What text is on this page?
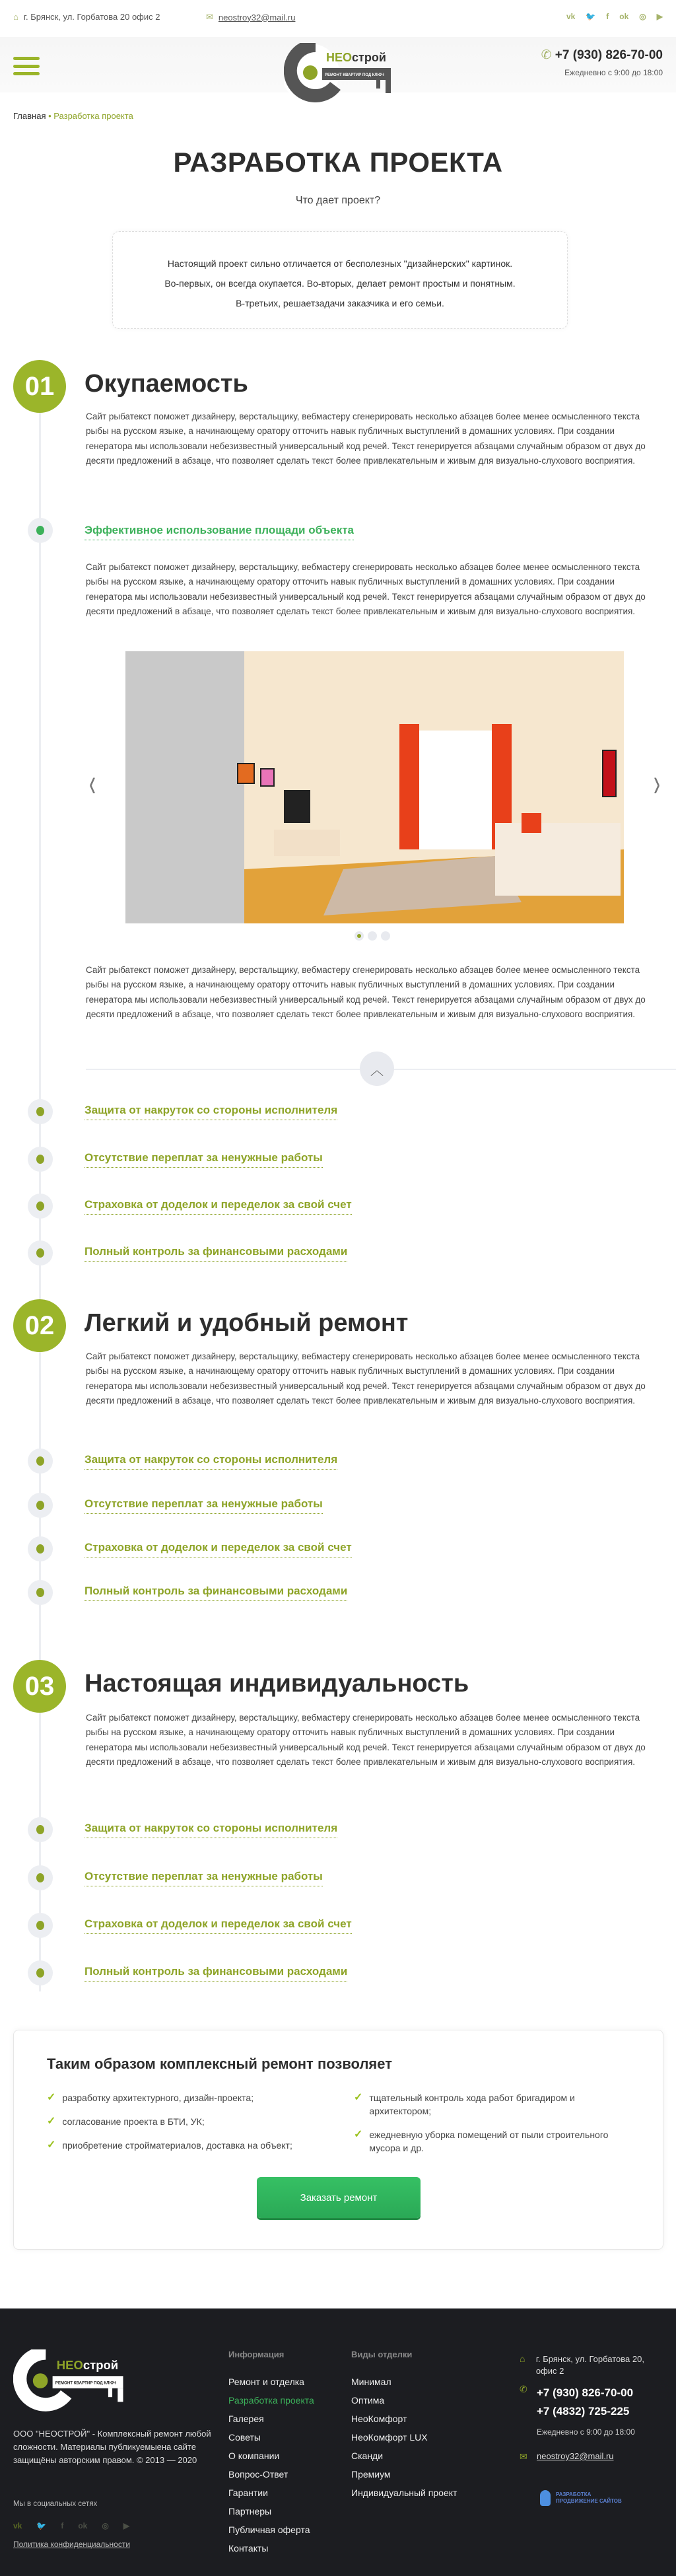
⌂ г. Брянск, ул. Горбатова 20 офис 2	✉ neostroy32@mail.ru	vk 🐦 f ok ◎ ▶
НЕОстрой
РЕМОНТ КВАРТИР ПОД КЛЮЧ
✆ +7 (930) 826-70-00
Ежедневно с 9:00 до 18:00
Главная • Разработка проекта
РАЗРАБОТКА ПРОЕКТА
Что дает проект?
Настоящий проект сильно отличается от бесполезных "дизайнерских" картинок.
Во-первых, он всегда окупается. Во-вторых, делает ремонт простым и понятным.
В-третьих, решаетзадачи заказчика и его семьи.
01	Окупаемость

Сайт рыбатекст поможет дизайнеру, верстальщику, вебмастеру сгенерировать несколько абзацев более менее осмысленного текста рыбы на русском языке, а начинающему оратору отточить навык публичных выступлений в домашних условиях. При создании генератора мы использовали небезизвестный универсальный код речей. Текст генерируется абзацами случайным образом от двух до десяти предложений в абзаце, что позволяет сделать текст более привлекательным и живым для визуально-слухового восприятия.

Защита от накруток со стороны исполнителя
Отсутствие переплат за ненужные работы
Страховка от доделок и переделок за свой счет
Полный контроль за финансовыми расходами
02	Легкий и удобный ремонт

Сайт рыбатекст поможет дизайнеру, верстальщику, вебмастеру сгенерировать несколько абзацев более менее осмысленного текста рыбы на русском языке, а начинающему оратору отточить навык публичных выступлений в домашних условиях. При создании генератора мы использовали небезизвестный универсальный код речей. Текст генерируется абзацами случайным образом от двух до десяти предложений в абзаце, что позволяет сделать текст более привлекательным и живым для визуально-слухового восприятия.

Защита от накруток со стороны исполнителя
Отсутствие переплат за ненужные работы
Страховка от доделок и переделок за свой счет
Полный контроль за финансовыми расходами
03	Настоящая индивидуальность

Сайт рыбатекст поможет дизайнеру, верстальщику, вебмастеру сгенерировать несколько абзацев более менее осмысленного текста рыбы на русском языке, а начинающему оратору отточить навык публичных выступлений в домашних условиях. При создании генератора мы использовали небезизвестный универсальный код речей. Текст генерируется абзацами случайным образом от двух до десяти предложений в абзаце, что позволяет сделать текст более привлекательным и живым для визуально-слухового восприятия.

Защита от накруток со стороны исполнителя
Отсутствие переплат за ненужные работы
Страховка от доделок и переделок за свой счет
Полный контроль за финансовыми расходами
Эффективное использование площади объекта

Сайт рыбатекст поможет дизайнеру, верстальщику, вебмастеру сгенерировать несколько абзацев более менее осмысленного текста рыбы на русском языке, а начинающему оратору отточить навык публичных выступлений в домашних условиях. При создании генератора мы использовали небезизвестный универсальный код речей. Текст генерируется абзацами случайным образом от двух до десяти предложений в абзаце, что позволяет сделать текст более привлекательным и живым для визуально-слухового восприятия.

Сайт рыбатекст поможет дизайнеру, верстальщику, вебмастеру сгенерировать несколько абзацев более менее осмысленного текста рыбы на русском языке, а начинающему оратору отточить навык публичных выступлений в домашних условиях. При создании генератора мы использовали небезизвестный универсальный код речей. Текст генерируется абзацами случайным образом от двух до десяти предложений в абзаце, что позволяет сделать текст более привлекательным и живым для визуально-слухового восприятия.

‹	›
︿
Таким образом комплексный ремонт позволяет
✓ разработку архитектурного, дизайн-проекта;
✓ согласование проекта в БТИ, УК;
✓ приобретение стройматериалов, доставка на объект;
✓ тщательный контроль хода работ бригадиром и архитектором;
✓ ежедневную уборка помещений от пыли строительного мусора и др.
Заказать ремонт
НЕОстрой
РЕМОНТ КВАРТИР ПОД КЛЮЧ
ООО "НЕОСТРОЙ" - Комплексный ремонт любой сложности. Материалы публикуемыена сайте защищёны авторским правом. © 2013 — 2020
Мы в социальных сетях
vk 🐦 f ok ◎ ▶
Политика конфиденциальности
Информация
Ремонт и отделка
Разработка проекта
Галерея
Советы
О компании
Вопрос-Ответ
Гарантии
Партнеры
Публичная оферта
Контакты
Виды отделки
Минимал
Оптима
НеоКомфорт
НеоКомфорт LUX
Сканди
Премиум
Индивидуальный проект
⌂	г. Брянск, ул. Горбатова 20, офис 2
✆ +7 (930) 826-70-00
+7 (4832) 725-225
Ежедневно с 9:00 до 18:00
✉	neostroy32@mail.ru
РАЗРАБОТКА
ПРОДВИЖЕНИЕ САЙТОВ
